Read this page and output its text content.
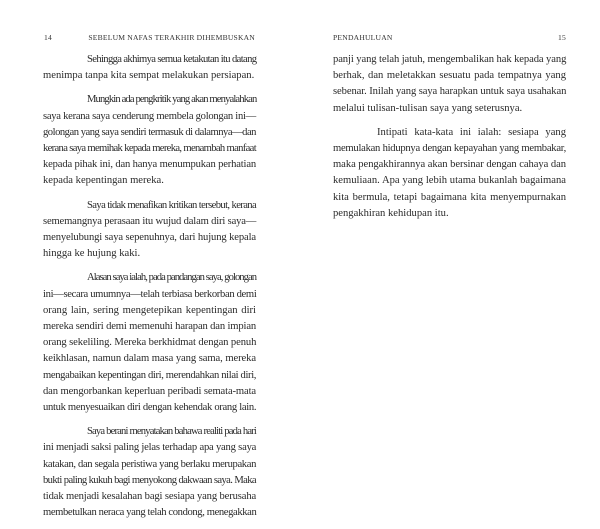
14	SEBELUM NAFAS TERAKHIR DIHEMBUSKAN

Sehingga akhirnya semua ketakutan itu datang
menimpa tanpa kita sempat melakukan persiapan.

Mungkin ada pengkritik yang akan menyalahkan
saya kerana saya cenderung membela golongan ini—
golongan yang saya sendiri termasuk di dalamnya—dan
kerana saya memihak kepada mereka, menambah manfaat
kepada pihak ini, dan hanya menumpukan perhatian
kepada kepentingan mereka.

Saya tidak menafikan kritikan tersebut, kerana
sememangnya perasaan itu wujud dalam diri saya—
menyelubungi saya sepenuhnya, dari hujung kepala
hingga ke hujung kaki.

Alasan saya ialah, pada pandangan saya, golongan
ini—secara umumnya—telah terbiasa berkorban demi
orang lain, sering mengetepikan kepentingan diri
mereka sendiri demi memenuhi harapan dan impian
orang sekeliling. Mereka berkhidmat dengan penuh
keikhlasan, namun dalam masa yang sama, mereka
mengabaikan kepentingan diri, merendahkan nilai diri,
dan mengorbankan keperluan peribadi semata-mata
untuk menyesuaikan diri dengan kehendak orang lain.

Saya berani menyatakan bahawa realiti pada hari
ini menjadi saksi paling jelas terhadap apa yang saya
katakan, dan segala peristiwa yang berlaku merupakan
bukti paling kukuh bagi menyokong dakwaan saya. Maka
tidak menjadi kesalahan bagi sesiapa yang berusaha
membetulkan neraca yang telah condong, menegakkan

PENDAHULUAN	15

panji yang telah jatuh, mengembalikan hak kepada yang
berhak, dan meletakkan sesuatu pada tempatnya yang
sebenar. Inilah yang saya harapkan untuk saya usahakan
melalui tulisan-tulisan saya yang seterusnya.

Intipati kata-kata ini ialah: sesiapa yang
memulakan hidupnya dengan kepayahan yang membakar,
maka pengakhirannya akan bersinar dengan cahaya dan
kemuliaan. Apa yang lebih utama bukanlah bagaimana
kita bermula, tetapi bagaimana kita menyempurnakan
pengakhiran kehidupan itu.
